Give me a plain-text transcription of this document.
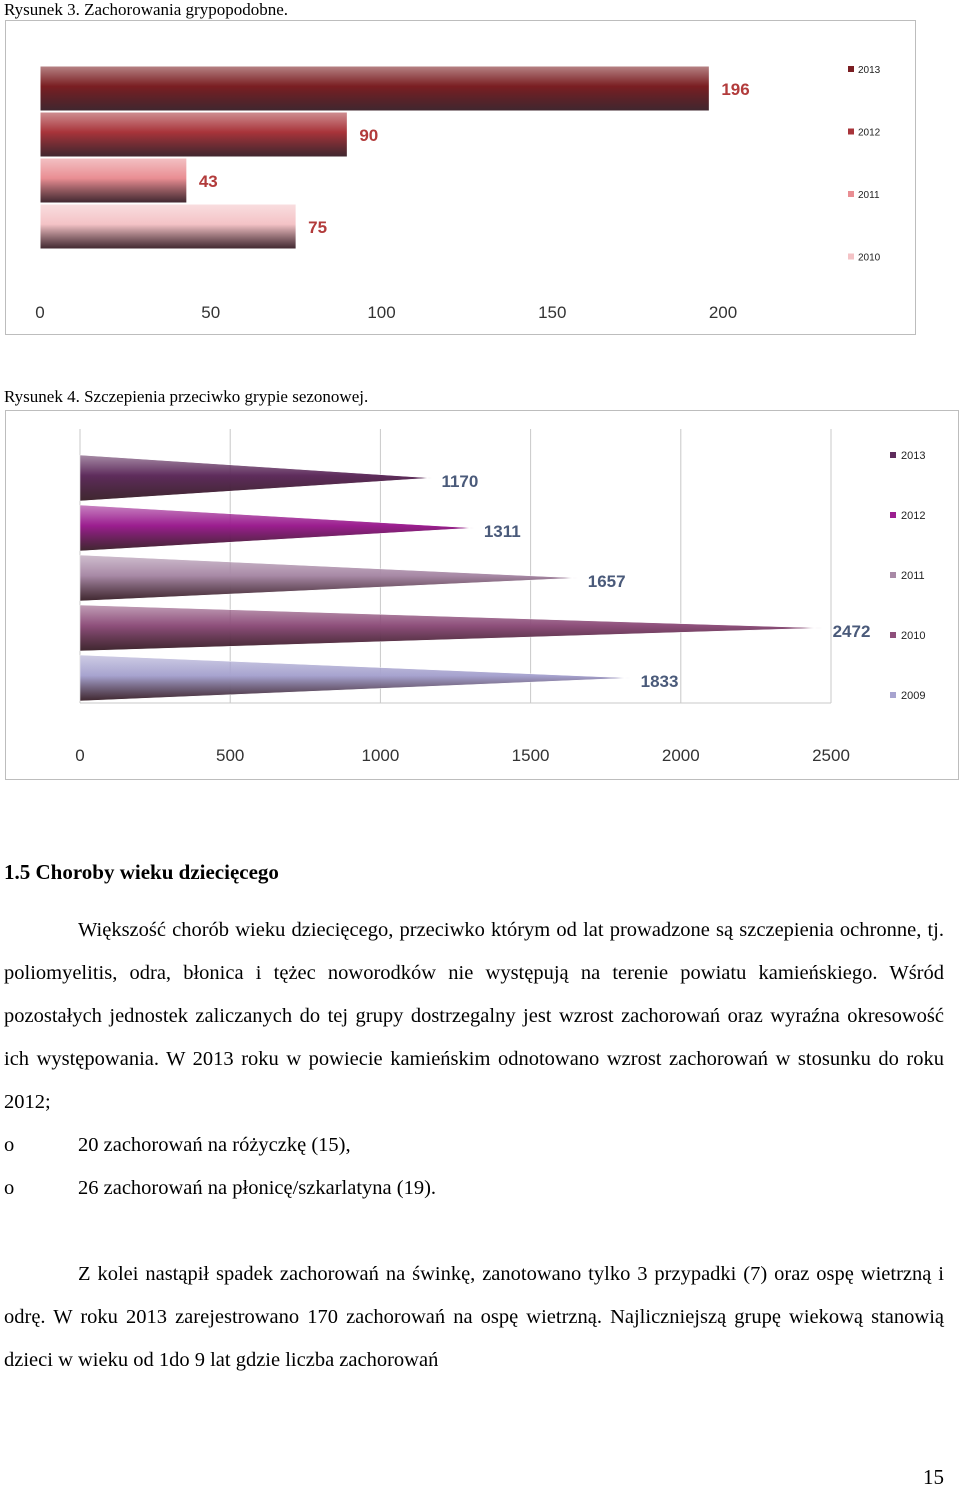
Rysunek 3. Zachorowania grypopodobne.
196
90
43
75
0	50	100	150	200
2013
2012
2011
2010
Rysunek 4. Szczepienia przeciwko grypie sezonowej.
1170
1311
1657
2472
1833
0	500	1000	1500	2000	2500
2013
2012
2011
2010
2009
1.5 Choroby wieku dziecięcego
Większość chorób wieku dziecięcego, przeciwko którym od lat prowadzone są szczepienia ochronne, tj. poliomyelitis, odra, błonica i tężec noworodków nie występują na terenie powiatu kamieńskiego. Wśród pozostałych jednostek zaliczanych do tej grupy dostrzegalny jest wzrost zachorowań oraz wyraźna okresowość ich występowania. W 2013 roku w powiecie kamieńskim odnotowano wzrost zachorowań w stosunku do roku 2012;
o	20 zachorowań na różyczkę (15),
o	26 zachorowań na płonicę/szkarlatyna (19).
Z kolei nastąpił spadek zachorowań na świnkę, zanotowano tylko 3 przypadki (7) oraz ospę wietrzną i odrę. W roku 2013 zarejestrowano 170 zachorowań na ospę wietrzną. Najliczniejszą grupę wiekową stanowią dzieci w wieku od 1do 9 lat gdzie liczba zachorowań
15
